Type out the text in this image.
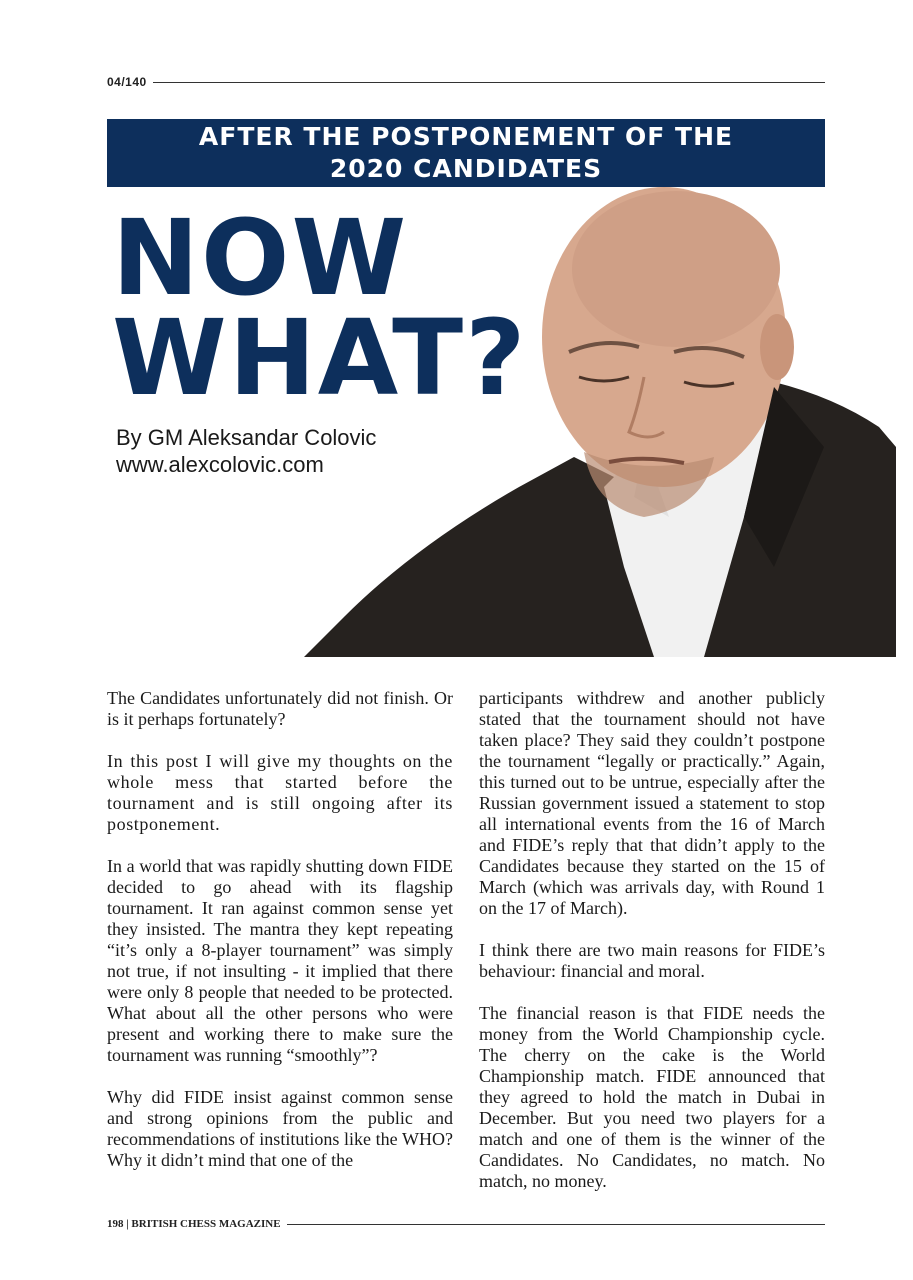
04/140
AFTER THE POSTPONEMENT OF THE
2020 CANDIDATES
NOW
WHAT?
By GM Aleksandar Colovic
www.alexcolovic.com

The Candidates unfortunately did not finish. Or is it perhaps fortunately?

In this post I will give my thoughts on the whole mess that started before the tournament and is still ongoing after its postponement.

In a world that was rapidly shutting down FIDE decided to go ahead with its flagship tournament. It ran against common sense yet they insisted. The mantra they kept repeating “it’s only a 8-player tournament” was simply not true, if not insulting - it implied that there were only 8 people that needed to be protected. What about all the other persons who were present and working there to make sure the tournament was running “smoothly”?

Why did FIDE insist against common sense and strong opinions from the public and recommendations of institutions like the WHO? Why it didn’t mind that one of the

participants withdrew and another publicly stated that the tournament should not have taken place? They said they couldn’t postpone the tournament “legally or practically.” Again, this turned out to be untrue, especially after the Russian government issued a statement to stop all international events from the 16 of March and FIDE’s reply that that didn’t apply to the Candidates because they started on the 15 of March (which was arrivals day, with Round 1 on the 17 of March).

I think there are two main reasons for FIDE’s behaviour: financial and moral.

The financial reason is that FIDE needs the money from the World Championship cycle. The cherry on the cake is the World Championship match. FIDE announced that they agreed to hold the match in Dubai in December. But you need two players for a match and one of them is the winner of the Candidates. No Candidates, no match. No match, no money.

198 | BRITISH CHESS MAGAZINE
